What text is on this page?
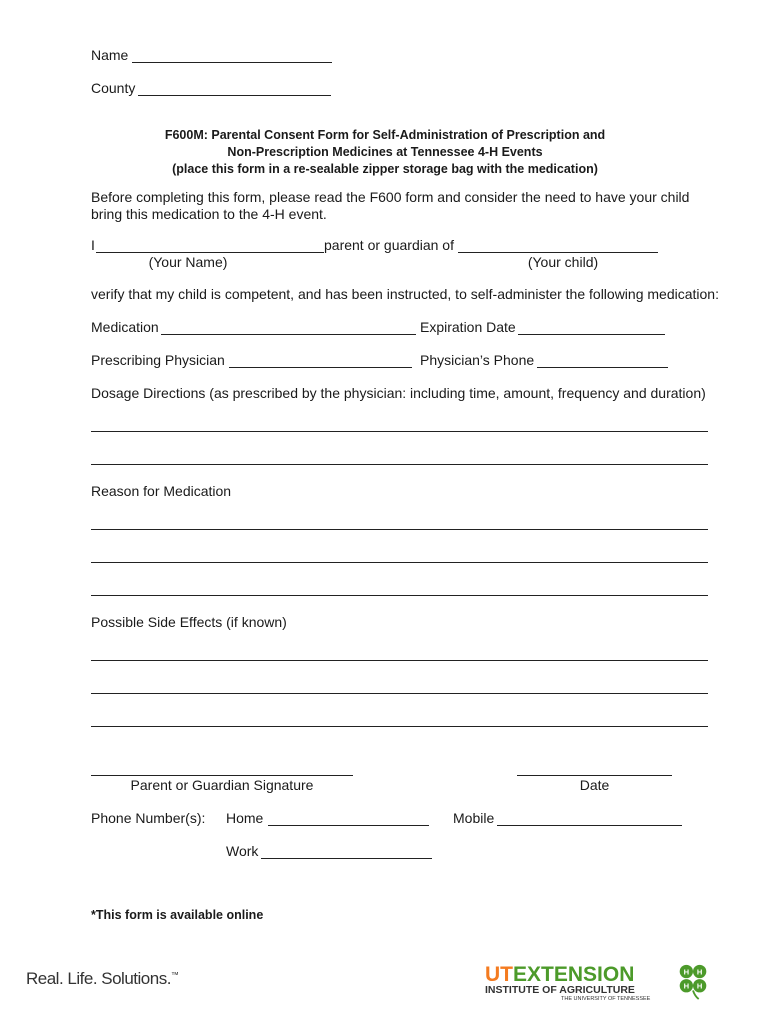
Name
County
F600M: Parental Consent Form for Self-Administration of Prescription and
Non-Prescription Medicines at Tennessee 4-H Events
(place this form in a re-sealable zipper storage bag with the medication)
Before completing this form, please read the F600 form and consider the need to have your child
bring this medication to the 4-H event.
I	parent or guardian of
(Your Name)	(Your child)
verify that my child is competent, and has been instructed, to self-administer the following medication:
Medication	Expiration Date
Prescribing Physician	Physician’s Phone
Dosage Directions (as prescribed by the physician: including time, amount, frequency and duration)
Reason for Medication
Possible Side Effects (if known)
Parent or Guardian Signature	Date
Phone Number(s): Home	Mobile
Work
*This form is available online
Real. Life. Solutions.™	UT EXTENSION
INSTITUTE OF AGRICULTURE
THE UNIVERSITY OF TENNESSEE
H H
H H
